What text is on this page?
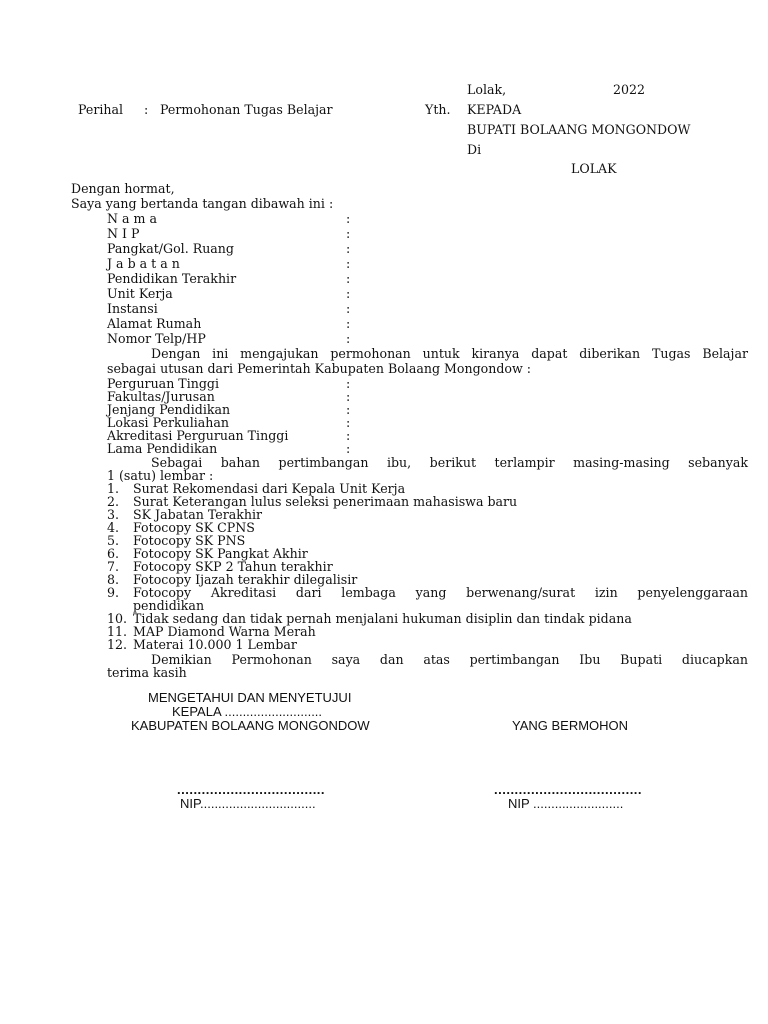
Lolak,	2022
Perihal : Permohonan Tugas Belajar	Yth. KEPADA
BUPATI BOLAANG MONGONDOW
Di
LOLAK
Dengan hormat,
Saya yang bertanda tangan dibawah ini :
N a m a	:
N I P	:
Pangkat/Gol. Ruang	:
J a b a t a n	:
Pendidikan Terakhir	:
Unit Kerja	:
Instansi	:
Alamat Rumah	:
Nomor Telp/HP	:
Dengan ini mengajukan permohonan untuk kiranya dapat diberikan Tugas Belajar
sebagai utusan dari Pemerintah Kabupaten Bolaang Mongondow :
Perguruan Tinggi	:
Fakultas/Jurusan	:
Jenjang Pendidikan	:
Lokasi Perkuliahan	:
Akreditasi Perguruan Tinggi	:
Lama Pendidikan	:
Sebagai bahan pertimbangan ibu, berikut terlampir masing-masing sebanyak
1 (satu) lembar :
1. Surat Rekomendasi dari Kepala Unit Kerja
2. Surat Keterangan lulus seleksi penerimaan mahasiswa baru
3. SK Jabatan Terakhir
4. Fotocopy SK CPNS
5. Fotocopy SK PNS
6. Fotocopy SK Pangkat Akhir
7. Fotocopy SKP 2 Tahun terakhir
8. Fotocopy Ijazah terakhir dilegalisir
9. Fotocopy Akreditasi dari lembaga yang berwenang/surat izin penyelenggaraan
pendidikan
10. Tidak sedang dan tidak pernah menjalani hukuman disiplin dan tindak pidana
11. MAP Diamond Warna Merah
12. Materai 10.000 1 Lembar
Demikian Permohonan saya dan atas pertimbangan Ibu Bupati diucapkan
terima kasih
MENGETAHUI DAN MENYETUJUI
KEPALA ...........................
KABUPATEN BOLAANG MONGONDOW	YANG BERMOHON
....................................	....................................
NIP................................	NIP .........................
